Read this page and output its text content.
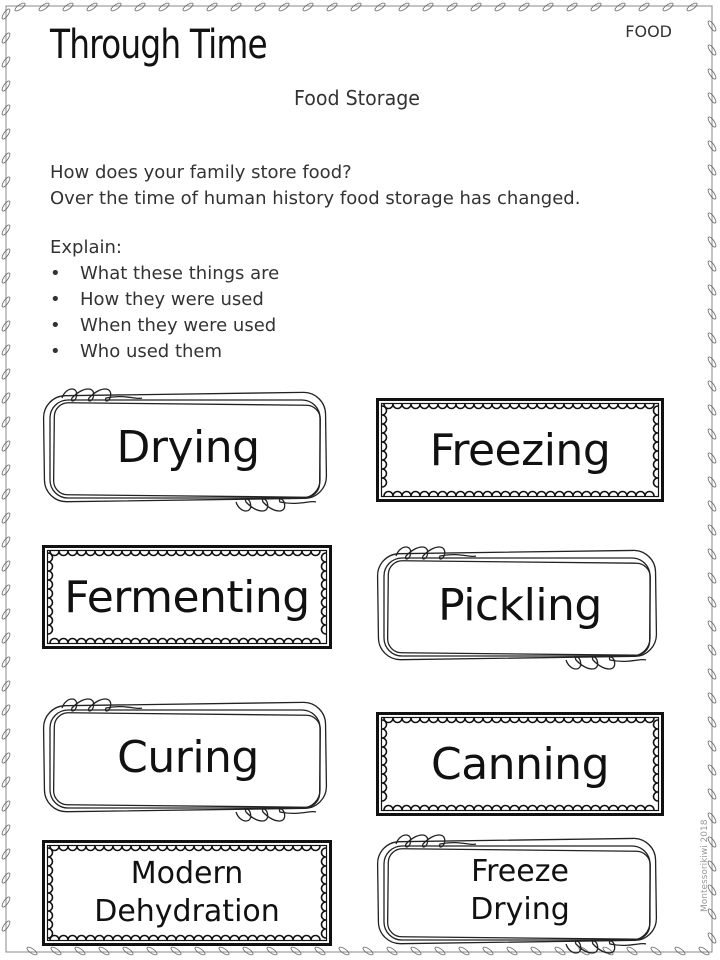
Through Time	FOOD
Food Storage
How does your family store food?
Over the time of human history food storage has changed.
Explain:
• What these things are
• How they were used
• When they were used
• Who used them
Drying	Freezing
Fermenting	Pickling
Curing	Canning
Modern
Dehydration
Freeze
Drying	Montessorikiwi 2018
